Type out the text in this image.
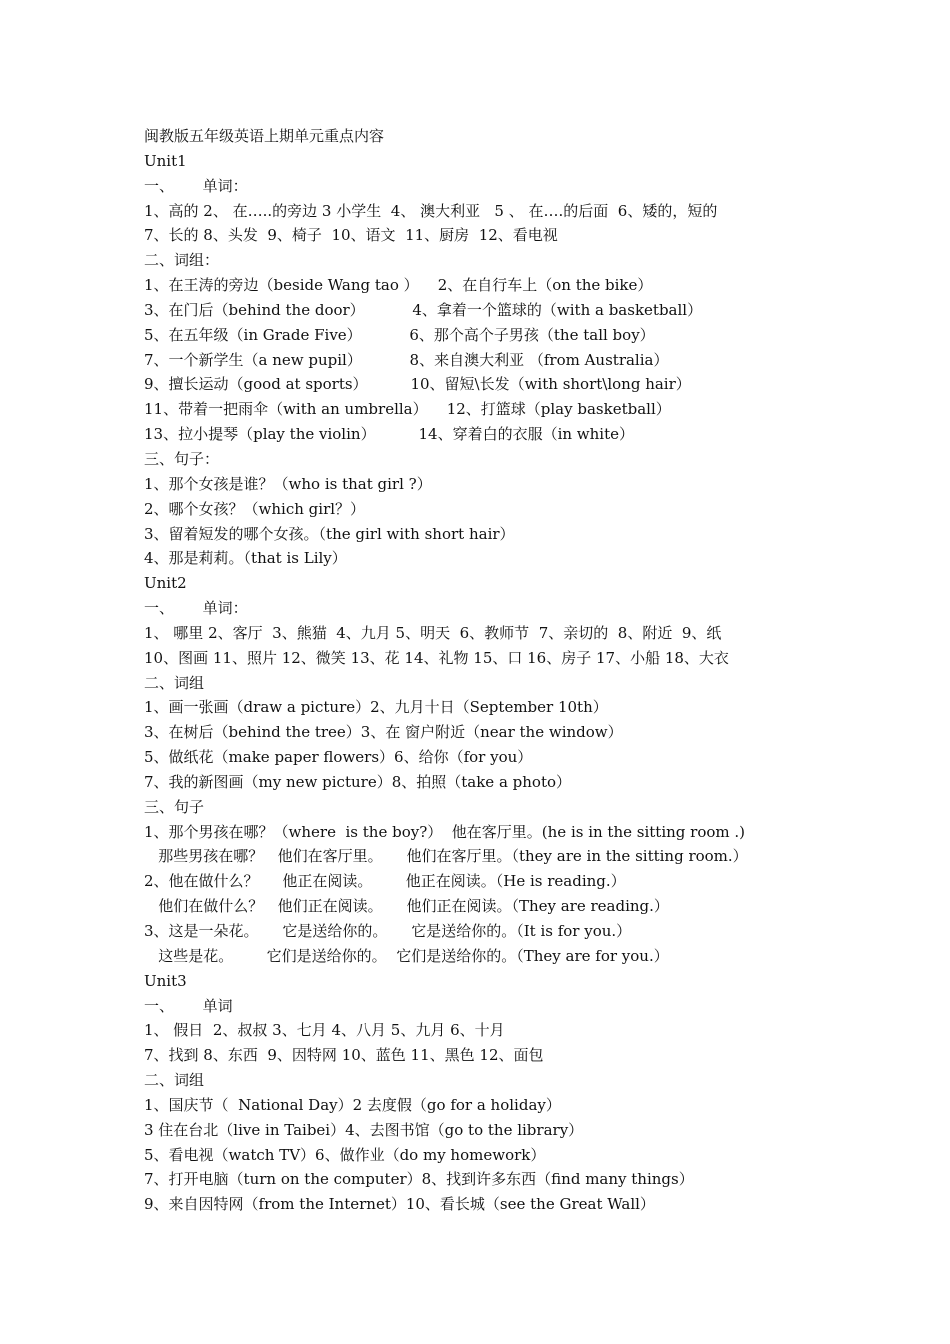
闽教版五年级英语上期单元重点内容
Unit1
一、      单词：
1、高的 2、 在…..的旁边 3 小学生  4、 澳大利亚   5 、 在….的后面  6、矮的，短的
7、长的 8、头发  9、椅子  10、语文  11、厨房  12、看电视
二、词组：
1、在王涛的旁边（beside Wang tao ）    2、在自行车上（on the bike）
3、在门后（behind the door）          4、拿着一个篮球的（with a basketball）
5、在五年级（in Grade Five）          6、那个高个子男孩（the tall boy）
7、一个新学生（a new pupil）          8、来自澳大利亚 （from Australia）
9、擅长运动（good at sports）         10、留短\长发（with short\long hair）
11、带着一把雨伞（with an umbrella）    12、打篮球（play basketball）
13、拉小提琴（play the violin）         14、穿着白的衣服（in white）
三、句子：
1、那个女孩是谁？（who is that girl ?）
2、哪个女孩？（which girl？）
3、留着短发的哪个女孩。（the girl with short hair）
4、那是莉莉。（that is Lily）
Unit2
一、      单词：
1、 哪里 2、客厅  3、熊猫  4、九月 5、明天  6、教师节  7、亲切的  8、附近  9、纸
10、图画 11、照片 12、微笑 13、花 14、礼物 15、口 16、房子 17、小船 18、大衣
二、词组
1、画一张画（draw a picture）2、九月十日（September 10th）
3、在树后（behind the tree）3、在 窗户附近（near the window）
5、做纸花（make paper flowers）6、给你（for you）
7、我的新图画（my new picture）8、拍照（take a photo）
三、句子
1、那个男孩在哪？（where  is the boy?）  他在客厅里。(he is in the sitting room .)
那些男孩在哪？   他们在客厅里。     他们在客厅里。（they are in the sitting room.）
2、他在做什么？     他正在阅读。       他正在阅读。（He is reading.）
他们在做什么？   他们正在阅读。     他们正在阅读。（They are reading.）
3、这是一朵花。     它是送给你的。     它是送给你的。（It is for you.）
这些是花。       它们是送给你的。  它们是送给你的。（They are for you.）
Unit3
一、      单词
1、 假日  2、叔叔 3、七月 4、八月 5、九月 6、十月
7、找到 8、东西  9、因特网 10、蓝色 11、黑色 12、面包
二、词组
1、国庆节（  National Day）2 去度假（go for a holiday）
3 住在台北（live in Taibei）4、去图书馆（go to the library）
5、看电视（watch TV）6、做作业（do my homework）
7、打开电脑（turn on the computer）8、找到许多东西（find many things）
9、来自因特网（from the Internet）10、看长城（see the Great Wall）
